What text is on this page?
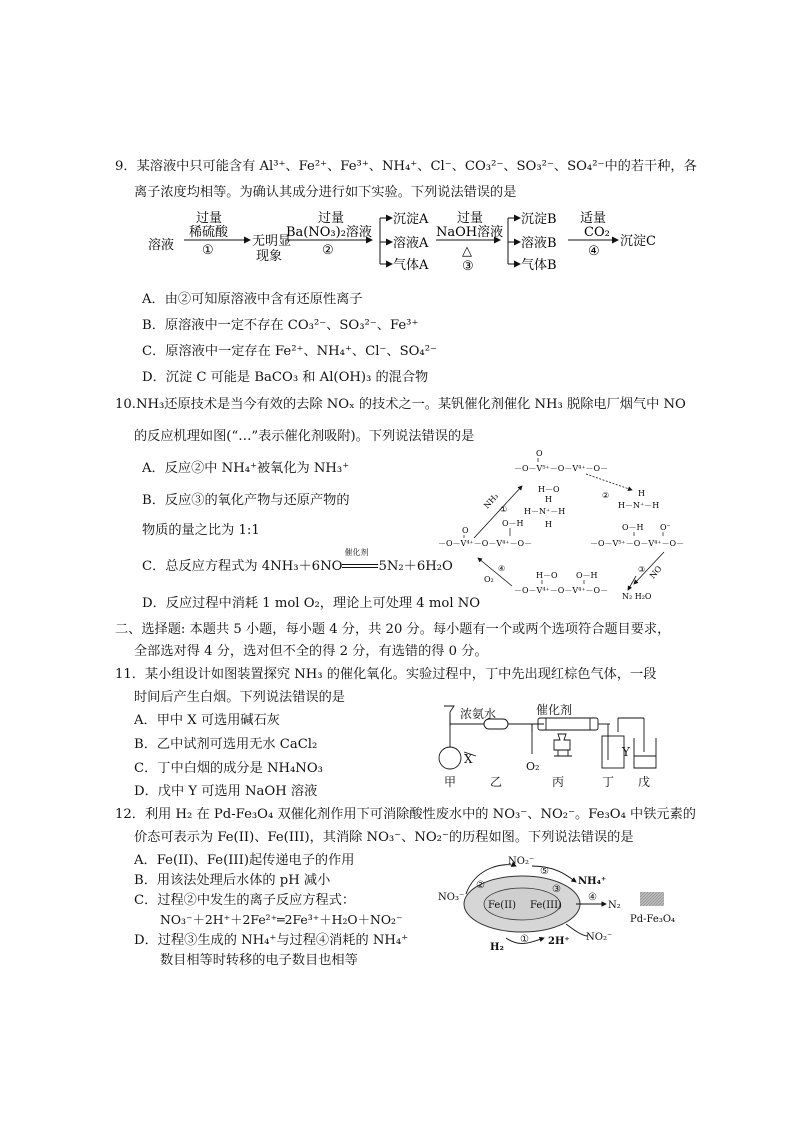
9．某溶液中只可能含有 Al³⁺、Fe²⁺、Fe³⁺、NH₄⁺、Cl⁻、CO₃²⁻、SO₃²⁻、SO₄²⁻中的若干种，各
离子浓度均相等。为确认其成分进行如下实验。下列说法错误的是
溶液
过量
稀硫酸
①
无明显
现象
过量
Ba(NO₃)₂溶液
②
沉淀A
溶液A
气体A
过量
NaOH溶液
△
③
沉淀B
溶液B
气体B
适量
CO₂
④
沉淀C
A．由②可知原溶液中含有还原性离子
B．原溶液中一定不存在 CO₃²⁻、SO₃²⁻、Fe³⁺
C．原溶液中一定存在 Fe²⁺、NH₄⁺、Cl⁻、SO₄²⁻
D．沉淀 C 可能是 BaCO₃ 和 Al(OH)₃ 的混合物
10.NH₃还原技术是当今有效的去除 NOₓ 的技术之一。某钒催化剂催化 NH₃ 脱除电厂烟气中 NO
的反应机理如图(“…”表示催化剂吸附)。下列说法错误的是
A．反应②中 NH₄⁺被氧化为 NH₃⁺
B．反应③的氧化产物与还原产物的
物质的量之比为 1:1
C．总反应方程式为 4NH₃＋6NO
催化剂
5N₂＋6H₂O
D．反应过程中消耗 1 mol O₂，理论上可处理 4 mol NO
O
－O－V⁵⁺－O－V⁴⁺－O－
NH₃ ①
H－O
H
H－N⁺－H
H
②	H
H－N⁺－H
O－H O⁻
－O－V⁵⁺－O－V⁴⁺－O－
O－H
O
－O－V⁴⁺－O－V⁴⁺－O－
④
O₂
③ NO
N₂ H₂O
H－O O－H
－O－V⁴⁺－O－V⁴⁺－O－
二、选择题: 本题共 5 小题，每小题 4 分，共 20 分。每小题有一个或两个选项符合题目要求，
全部选对得 4 分，选对但不全的得 2 分，有选错的得 0 分。
11．某小组设计如图装置探究 NH₃ 的催化氧化。实验过程中，丁中先出现红棕色气体，一段
时间后产生白烟。下列说法错误的是
A．甲中 X 可选用碱石灰
B．乙中试剂可选用无水 CaCl₂
C．丁中白烟的成分是 NH₄NO₃
D．戊中 Y 可选用 NaOH 溶液
浓氨水	催化剂
X
O₂
Y
甲	乙	丙	丁 戊
12．利用 H₂ 在 Pd-Fe₃O₄ 双催化剂作用下可消除酸性废水中的 NO₃⁻、NO₂⁻。Fe₃O₄ 中铁元素的
价态可表示为 Fe(II)、Fe(III)，其消除 NO₃⁻、NO₂⁻的历程如图。下列说法错误的是
A．Fe(II)、Fe(III)起传递电子的作用
B．用该法处理后水体的 pH 减小
C．过程②中发生的离子反应方程式：
NO₃⁻＋2H⁺＋2Fe²⁺═2Fe³⁺＋H₂O＋NO₂⁻
D．过程③生成的 NH₄⁺与过程④消耗的 NH₄⁺
数目相等时转移的电子数目也相等
NO₂⁻
⑤
NH₄⁺
②	③
NO₃⁻
Fe(II) Fe(III)
④
N₂
Pd-Fe₃O₄
H₂
① 2H⁺ NO₂⁻
